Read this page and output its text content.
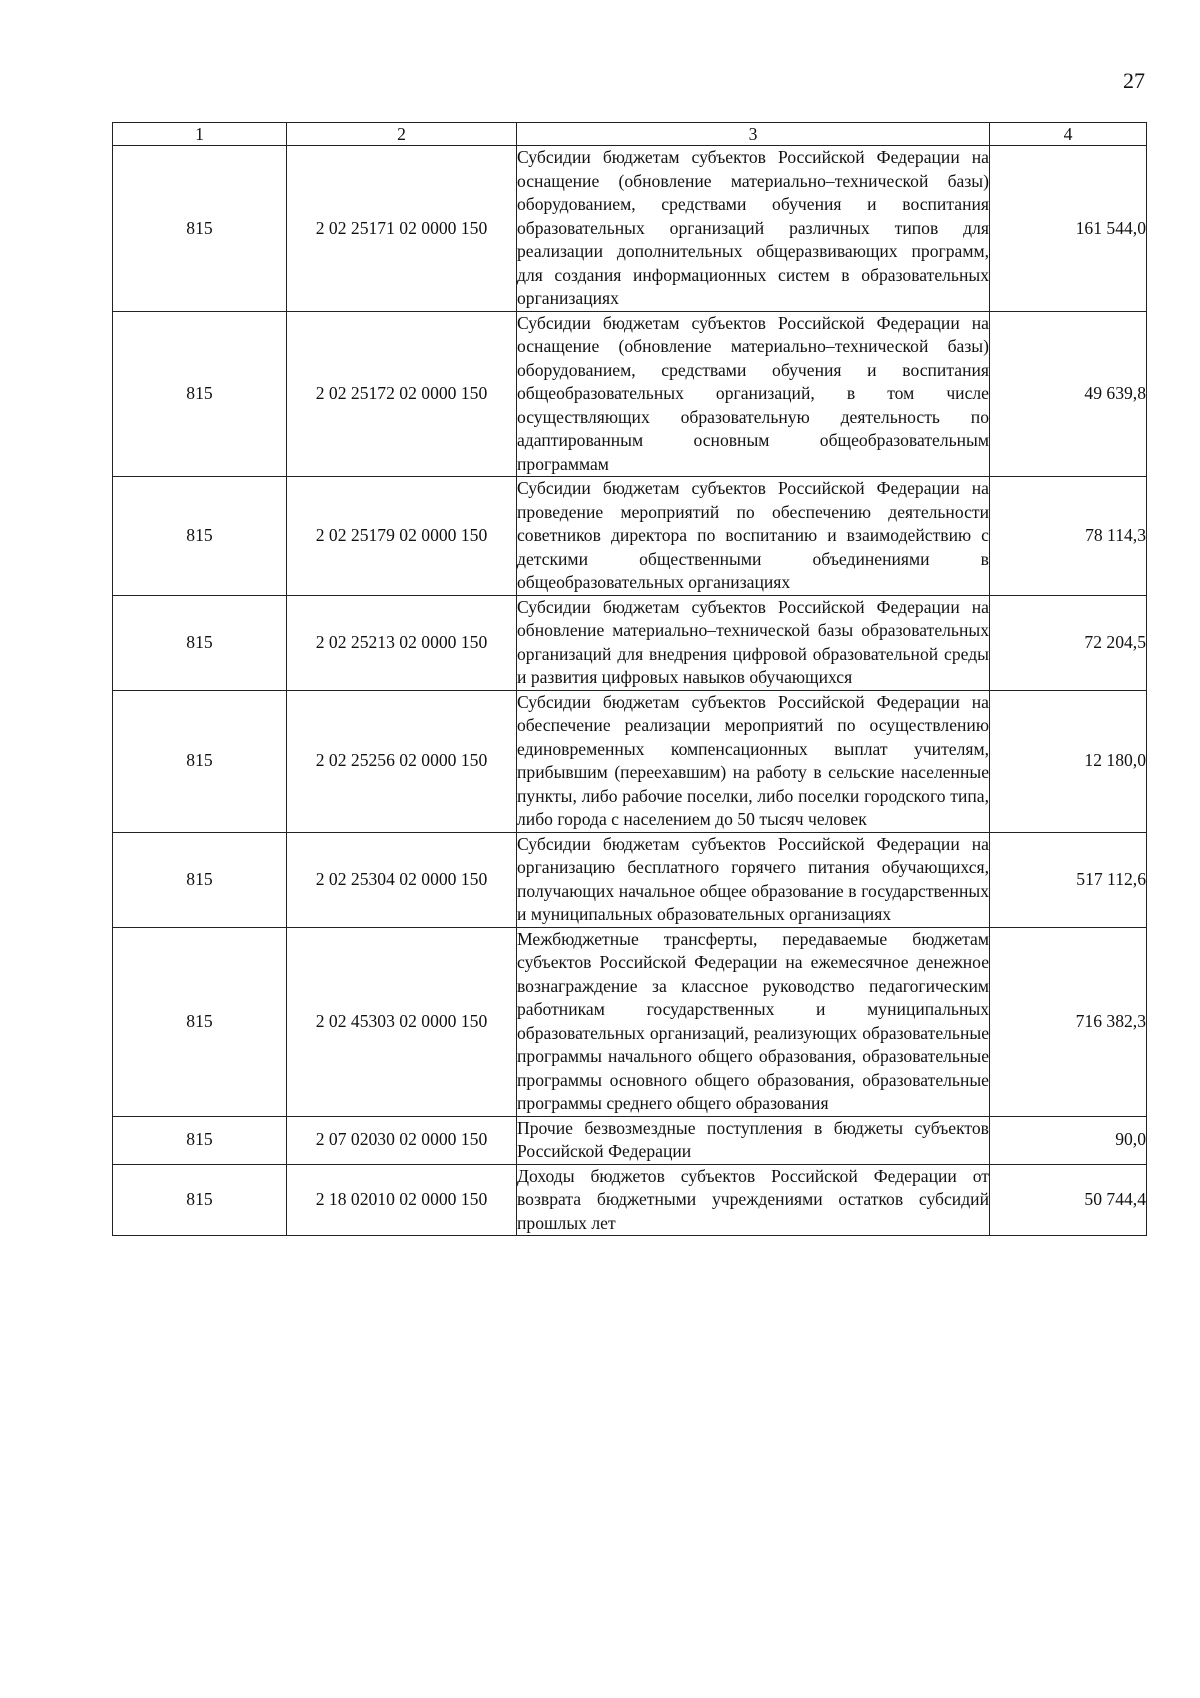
27
1	2	3	4
815	2 02 25171 02 0000 150	Субсидии бюджетам субъектов Российской Федерации на оснащение (обновление материально–технической базы) оборудованием, средствами обучения и воспитания образовательных организаций различных типов для реализации дополнительных общеразвивающих программ, для создания информационных систем в образовательных организациях	161 544,0
815	2 02 25172 02 0000 150	Субсидии бюджетам субъектов Российской Федерации на оснащение (обновление материально–технической базы) оборудованием, средствами обучения и воспитания общеобразовательных организаций, в том числе осуществляющих образовательную деятельность по адаптированным основным общеобразовательным программам	49 639,8
815	2 02 25179 02 0000 150	Субсидии бюджетам субъектов Российской Федерации на проведение мероприятий по обеспечению деятельности советников директора по воспитанию и взаимодействию с детскими общественными объединениями в общеобразовательных организациях	78 114,3
815	2 02 25213 02 0000 150	Субсидии бюджетам субъектов Российской Федерации на обновление материально–технической базы образовательных организаций для внедрения цифровой образовательной среды и развития цифровых навыков обучающихся	72 204,5
815	2 02 25256 02 0000 150	Субсидии бюджетам субъектов Российской Федерации на обеспечение реализации мероприятий по осуществлению единовременных компенсационных выплат учителям, прибывшим (переехавшим) на работу в сельские населенные пункты, либо рабочие поселки, либо поселки городского типа, либо города с населением до 50 тысяч человек	12 180,0
815	2 02 25304 02 0000 150	Субсидии бюджетам субъектов Российской Федерации на организацию бесплатного горячего питания обучающихся, получающих начальное общее образование в государственных и муниципальных образовательных организациях	517 112,6
815	2 02 45303 02 0000 150	Межбюджетные трансферты, передаваемые бюджетам субъектов Российской Федерации на ежемесячное денежное вознаграждение за классное руководство педагогическим работникам государственных и муниципальных образовательных организаций, реализующих образовательные программы начального общего образования, образовательные программы основного общего образования, образовательные программы среднего общего образования	716 382,3
815	2 07 02030 02 0000 150	Прочие безвозмездные поступления в бюджеты субъектов Российской Федерации	90,0
815	2 18 02010 02 0000 150	Доходы бюджетов субъектов Российской Федерации от возврата бюджетными учреждениями остатков субсидий прошлых лет	50 744,4
